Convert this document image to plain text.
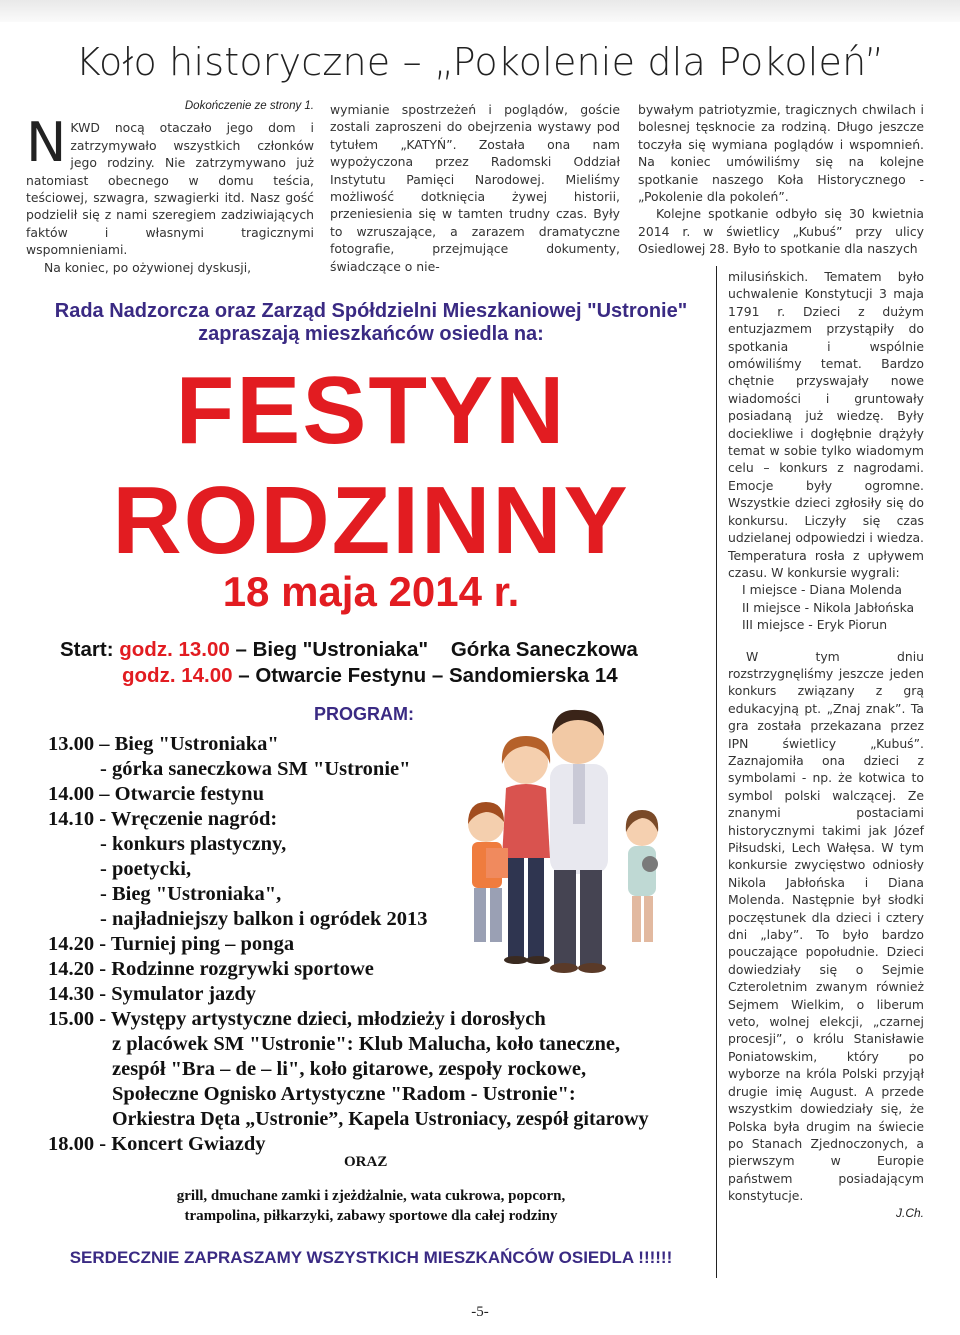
Koło historyczne – „Pokolenie dla Pokoleń”

Dokończenie ze strony 1.

NKWD nocą otaczało jego dom i zatrzymywało wszystkich członków jego rodziny. Nie zatrzymywano już natomiast obecnego w domu teścia, teściowej, szwagra, szwagierki itd. Nasz gość podzielił się z nami szeregiem zadziwiających faktów i własnymi tragicznymi wspomnieniami.

Na koniec, po ożywionej dyskusji,

wymianie spostrzeżeń i poglądów, goście zostali zaproszeni do obejrzenia wystawy pod tytułem „KATYŃ”. Została ona nam wypożyczona przez Radomski Oddział Instytutu Pamięci Narodowej. Mieliśmy możliwość dotknięcia żywej historii, przeniesienia się w tamten trudny czas. Były to wzruszające, a zarazem dramatyczne fotografie, przejmujące dokumenty, świadczące o nie-

bywałym patriotyzmie, tragicznych chwilach i bolesnej tęsknocie za rodziną. Długo jeszcze toczyła się wymiana poglądów i wspomnień. Na koniec umówiliśmy się na kolejne spotkanie naszego Koła Historycznego - „Pokolenie dla pokoleń”.

Kolejne spotkanie odbyło się 30 kwietnia 2014 r. w świetlicy „Kubuś” przy ulicy Osiedlowej 28. Było to spotkanie dla naszych

milusińskich. Tematem było uchwalenie Konstytucji 3 maja 1791 r. Dzieci z dużym entuzjazmem przystąpiły do spotkania i wspólnie omówiliśmy temat. Bardzo chętnie przyswajały nowe wiadomości i gruntowały posiadaną już wiedzę. Były dociekliwe i dogłębnie drążyły temat w sobie tylko wiadomym celu – konkurs z nagrodami. Emocje były ogromne. Wszystkie dzieci zgłosiły się do konkursu. Liczyły się czas udzielanej odpowiedzi i wiedza. Temperatura rosła z upływem czasu. W konkursie wygrali:

I miejsce - Diana Molenda

II miejsce - Nikola Jabłońska

III miejsce - Eryk Piorun

W tym dniu rozstrzygnęliśmy jeszcze jeden konkurs związany z grą edukacyjną pt. „Znaj znak”. Ta gra została przekazana przez IPN świetlicy „Kubuś”. Zaznajomiła ona dzieci z symbolami - np. że kotwica to symbol polski walczącej. Ze znanymi postaciami historycznymi takimi jak Józef Piłsudski, Lech Wałęsa. W tym konkursie zwycięstwo odniosły Nikola Jabłońska i Diana Molenda. Następnie był słodki poczęstunek dla dzieci i cztery dni „laby”. To było bardzo pouczające popołudnie. Dzieci dowiedziały się o Sejmie Czteroletnim zwanym również Sejmem Wielkim, o liberum veto, wolnej elekcji, „czarnej procesji”, o królu Stanisławie Poniatowskim, który po wyborze na króla Polski przyjął drugie imię August. A przede wszystkim dowiedziały się, że Polska była drugim na świecie po Stanach Zjednoczonych, a pierwszym w Europie państwem posiadającym konstytucje.

J.Ch.

Rada Nadzorcza oraz Zarząd Spółdzielni Mieszkaniowej "Ustronie"
zapraszają mieszkańców osiedla na:
FESTYN
RODZINNY
18 maja 2014 r.
Start: godz. 13.00 – Bieg "Ustroniaka"    Górka Saneczkowa
godz. 14.00 – Otwarcie Festynu – Sandomierska 14
PROGRAM:
13.00 – Bieg "Ustroniaka"
- górka saneczkowa SM "Ustronie"
14.00 – Otwarcie festynu
14.10 - Wręczenie nagród:
- konkurs plastyczny,
- poetycki,
- Bieg "Ustroniaka",
- najładniejszy balkon i ogródek 2013
14.20 - Turniej ping – ponga
14.20 - Rodzinne rozgrywki sportowe
14.30 - Symulator jazdy
15.00 - Występy artystyczne dzieci, młodzieży i dorosłych
z placówek SM "Ustronie": Klub Malucha, koło taneczne,
zespół "Bra – de – li", koło gitarowe, zespoły rockowe,
Społeczne Ognisko Artystyczne "Radom - Ustronie":
Orkiestra Dęta „Ustronie”, Kapela Ustroniacy, zespół gitarowy
18.00 - Koncert Gwiazdy
ORAZ
grill, dmuchane zamki i zjeżdżalnie, wata cukrowa, popcorn,
trampolina, piłkarzyki, zabawy sportowe dla całej rodziny
SERDECZNIE ZAPRASZAMY WSZYSTKICH MIESZKAŃCÓW OSIEDLA !!!!!!
-5-
